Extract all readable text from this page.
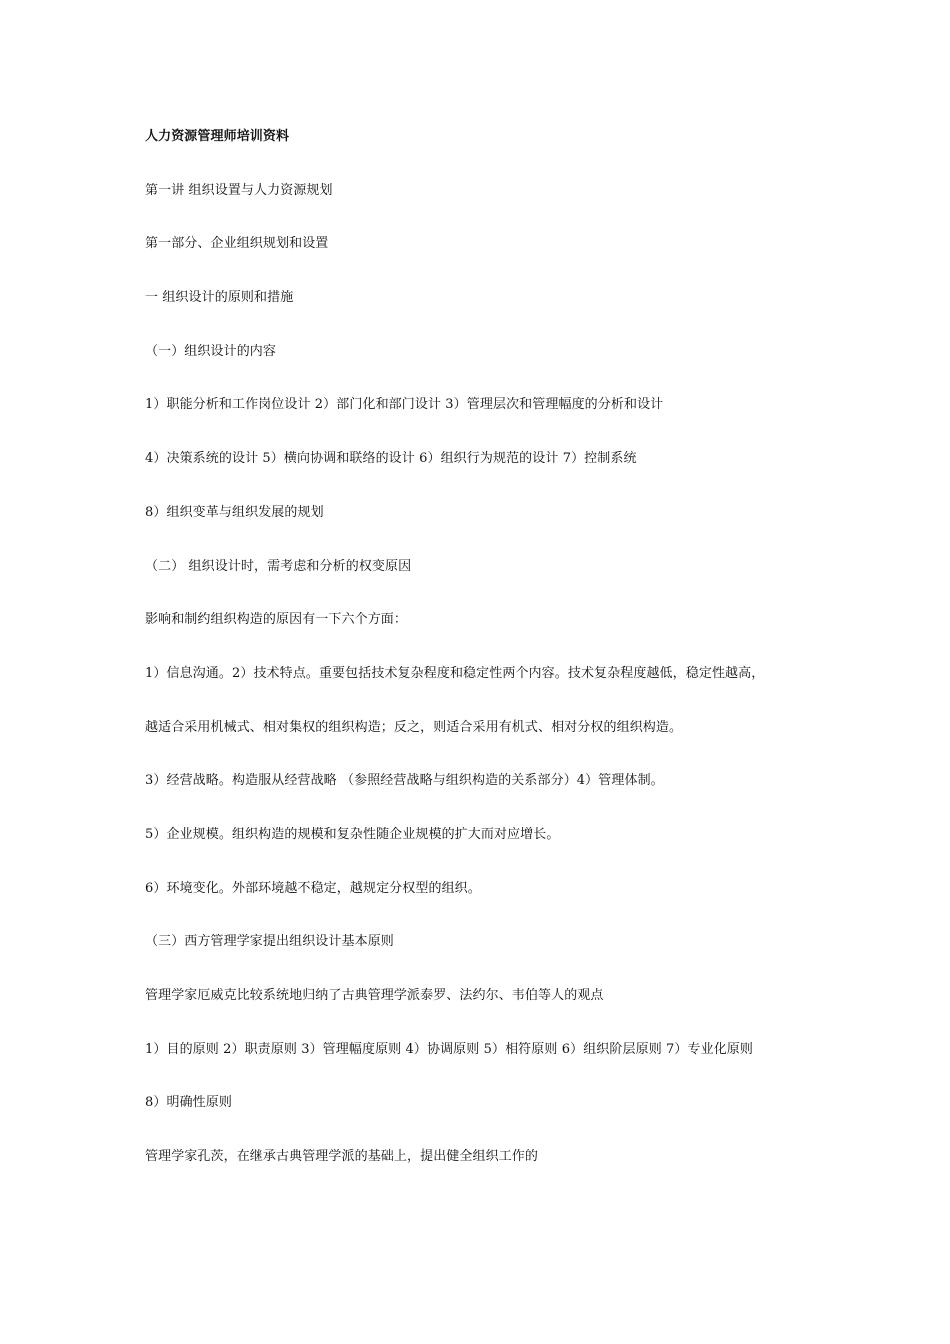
人力资源管理师培训资料
第一讲 组织设置与人力资源规划
第一部分、企业组织规划和设置
一 组织设计的原则和措施
（一）组织设计的内容
1）职能分析和工作岗位设计 2）部门化和部门设计 3）管理层次和管理幅度的分析和设计
4）决策系统的设计 5）横向协调和联络的设计 6）组织行为规范的设计 7）控制系统
8）组织变革与组织发展的规划
（二） 组织设计时，需考虑和分析的权变原因
影响和制约组织构造的原因有一下六个方面：
1）信息沟通。2）技术特点。重要包括技术复杂程度和稳定性两个内容。技术复杂程度越低，稳定性越高，
越适合采用机械式、相对集权的组织构造；反之，则适合采用有机式、相对分权的组织构造。
3）经营战略。构造服从经营战略 （参照经营战略与组织构造的关系部分）4）管理体制。
5）企业规模。组织构造的规模和复杂性随企业规模的扩大而对应增长。
6）环境变化。外部环境越不稳定，越规定分权型的组织。
（三）西方管理学家提出组织设计基本原则
管理学家厄威克比较系统地归纳了古典管理学派泰罗、法约尔、韦伯等人的观点
1）目的原则 2）职责原则 3）管理幅度原则 4）协调原则 5）相符原则 6）组织阶层原则 7）专业化原则
8）明确性原则
管理学家孔茨，在继承古典管理学派的基础上，提出健全组织工作的
